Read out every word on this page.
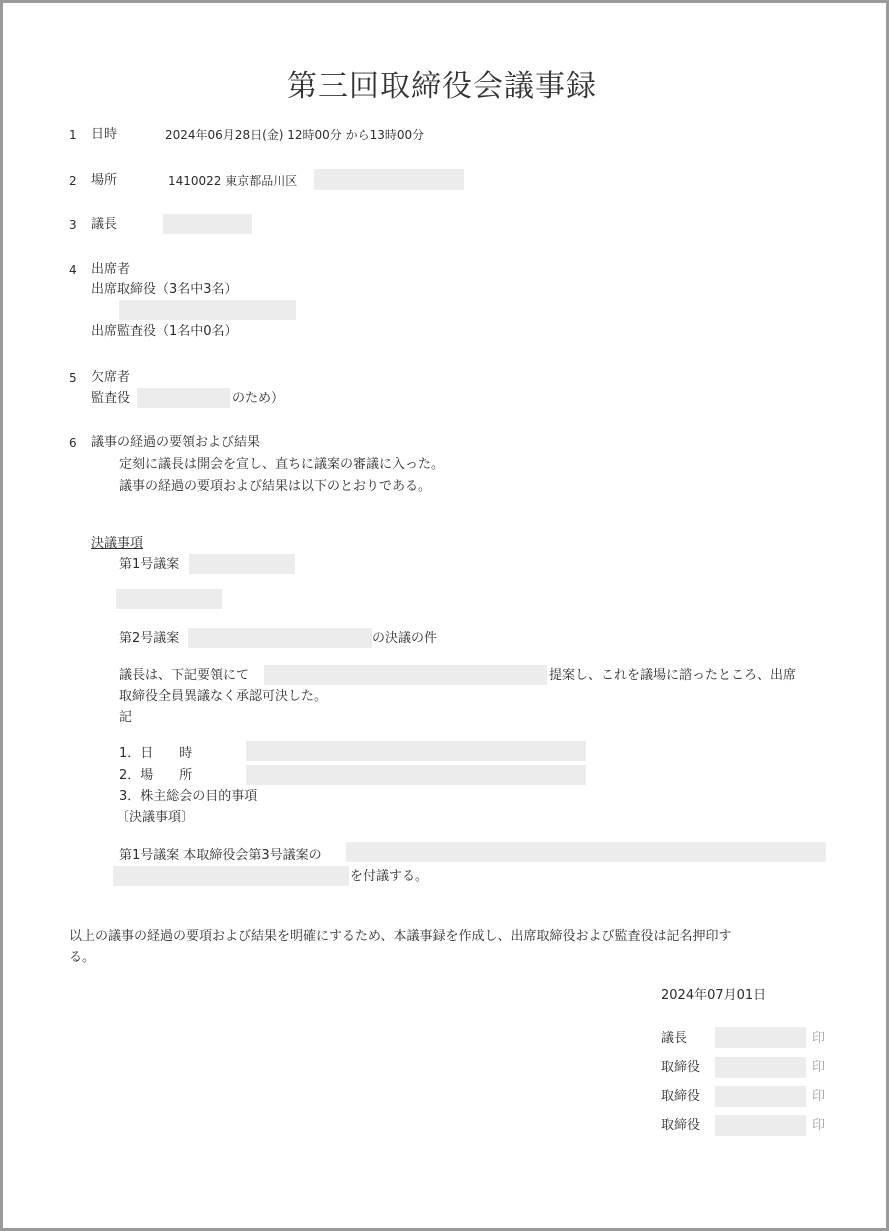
第三回取締役会議事録
1 日時	2024年06月28日(金) 12時00分 から13時00分
2 場所	1410022 東京都品川区
3 議長
4 出席者
出席取締役（3名中3名）
出席監査役（1名中0名）
5 欠席者
監査役	のため）
6 議事の経過の要領および結果
定刻に議長は開会を宣し、直ちに議案の審議に入った。
議事の経過の要項および結果は以下のとおりである。
決議事項
第1号議案
第2号議案	の決議の件
議長は、下記要領にて	提案し、これを議場に諮ったところ、出席
取締役全員異議なく承認可決した。
記
1．日　　時
2．場　　所
3．株主総会の目的事項
〔決議事項〕
第1号議案 本取締役会第3号議案の
を付議する。
以上の議事の経過の要項および結果を明確にするため、本議事録を作成し、出席取締役および監査役は記名押印す
る。
2024年07月01日
議長	印
取締役	印
取締役	印
取締役	印
